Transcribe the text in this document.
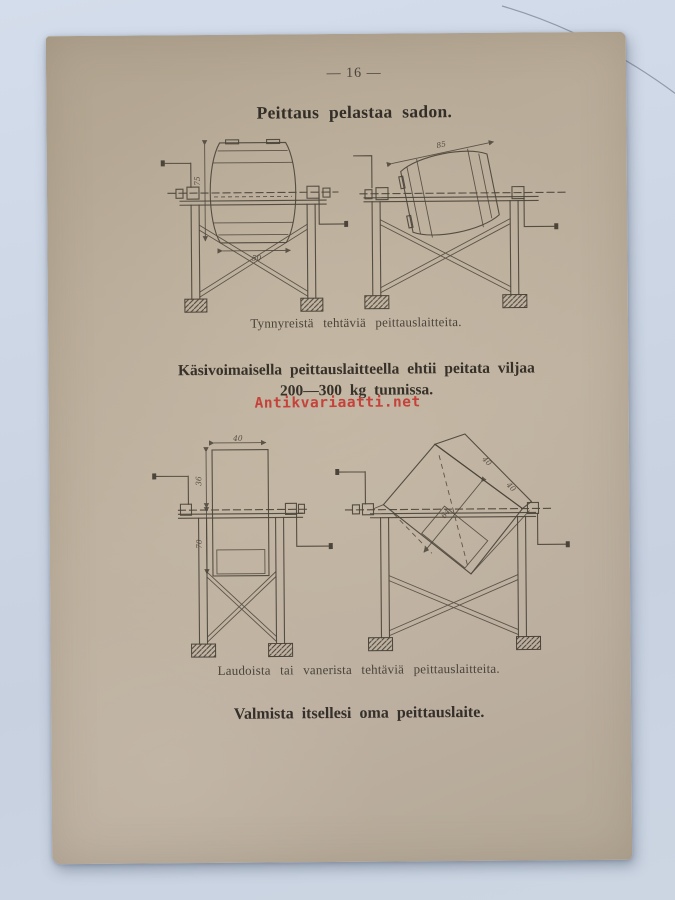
— 16 —
Peittaus pelastaa sadon.
75
50
85
Tynnyreistä tehtäviä peittauslaitteita.
Käsivoimaisella peittauslaitteella ehtii peitata viljaa
200—300 kg tunnissa.
Antikvariaatti.net
40
36
70
64
40
40
Laudoista tai vanerista tehtäviä peittauslaitteita.
Valmista itsellesi oma peittauslaite.
